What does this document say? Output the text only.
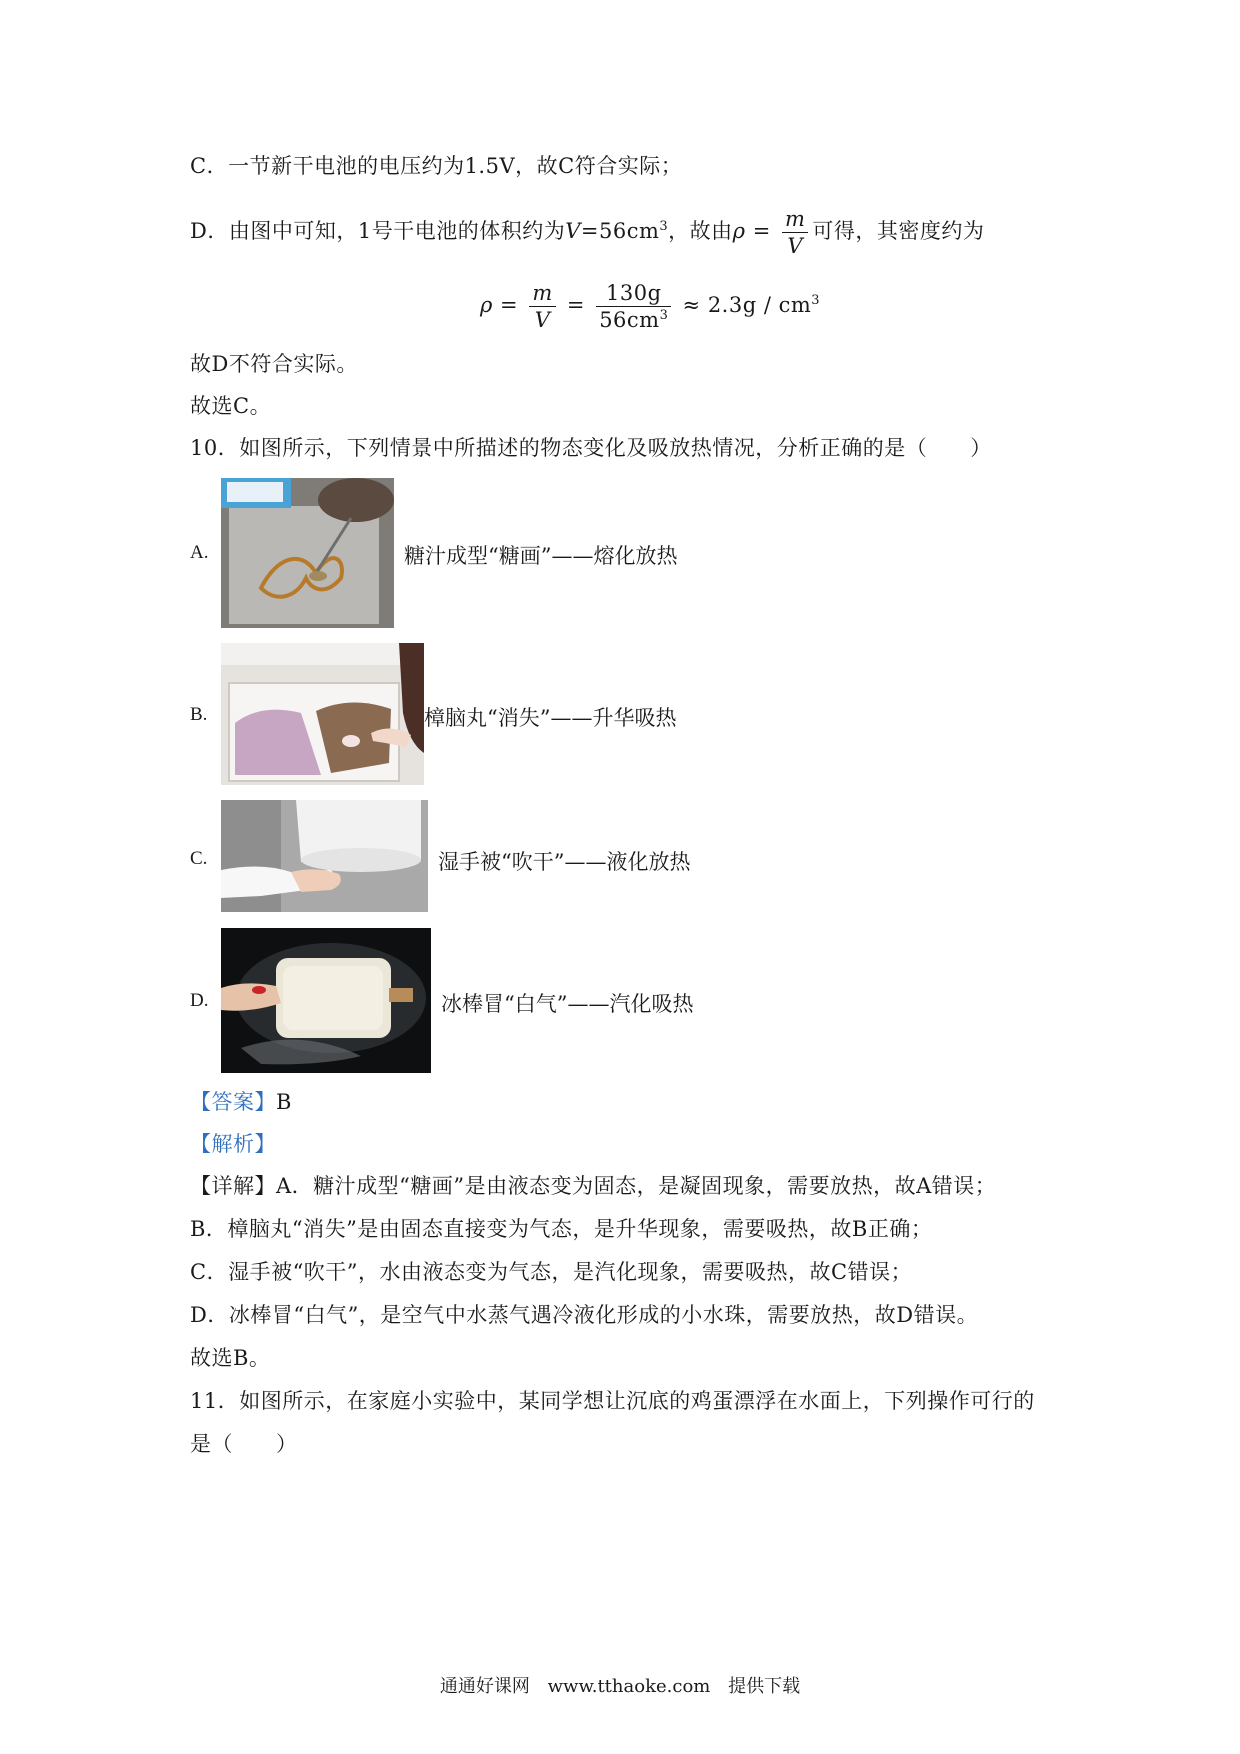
C．一节新干电池的电压约为1.5V，故C符合实际；
D．由图中可知，1号干电池的体积约为$V=56cm^3$，故由$\rho = \frac{m}{V}$ 可得，其密度约为
$\rho = \frac{m}{V} = \frac{130g}{56cm^3} \approx 2.3g / cm^3$
故D不符合实际。
故选C。
10．如图所示，下列情景中所描述的物态变化及吸放热情况，分析正确的是（　　）
A.	糖汁成型“糖画”——熔化放热
B.	樟脑丸“消失”——升华吸热
C.	湿手被“吹干”——液化放热
D.	冰棒冒“白气”——汽化吸热
【答案】B
【解析】
【详解】A．糖汁成型“糖画”是由液态变为固态，是凝固现象，需要放热，故A错误；
B．樟脑丸“消失”是由固态直接变为气态，是升华现象，需要吸热，故B正确；
C．湿手被“吹干”，水由液态变为气态，是汽化现象，需要吸热，故C错误；
D．冰棒冒“白气”，是空气中水蒸气遇冷液化形成的小水珠，需要放热，故D错误。
故选B。
11．如图所示，在家庭小实验中，某同学想让沉底的鸡蛋漂浮在水面上，下列操作可行的
是（　　）
通通好课网 www.tthaoke.com 提供下载
